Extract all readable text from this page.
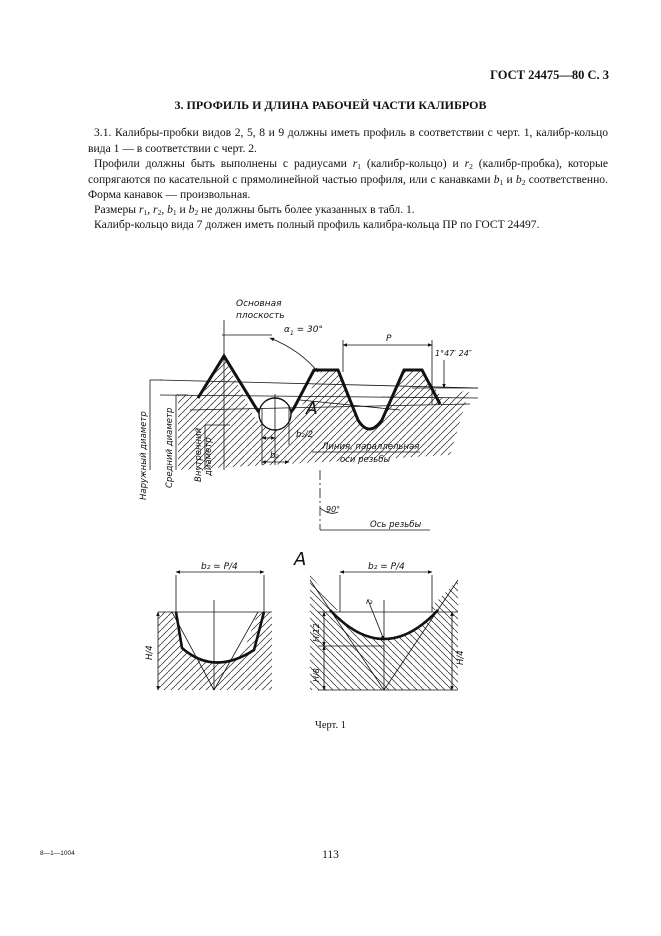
ГОСТ 24475—80 С. 3
3. ПРОФИЛЬ И ДЛИНА РАБОЧЕЙ ЧАСТИ КАЛИБРОВ

3.1. Калибры-пробки видов 2, 5, 8 и 9 должны иметь профиль в соответствии с черт. 1, калибр-кольцо вида 1 — в соответствии с черт. 2.

Профили должны быть выполнены с радиусами $r_1$ (калибр-кольцо) и $r_2$ (калибр-пробка), которые сопрягаются по касательной с прямолинейной частью профиля, или с канавками $b_1$ и $b_2$ соответственно. Форма канавок — произвольная.

Размеры $r_1$, $r_2$, $b_1$ и $b_2$ не должны быть более указанных в табл. 1.

Калибр-кольцо вида 7 должен иметь полный профиль калибра-кольца ПР по ГОСТ 24497.

Основная
плоскость
$\alpha_1 = 30^\circ$
P
1°47′ 24″
A
b₂/2
b₂
Линия, параллельная
оси резьбы
Наружный диаметр Средний диаметр Внутренний диаметр
90°
Ось резьбы
A
b₂ = P/4
H/4
b₂ = P/4
r₂
H/12
H/8
H/4
Черт. 1
113
8—1—1004
